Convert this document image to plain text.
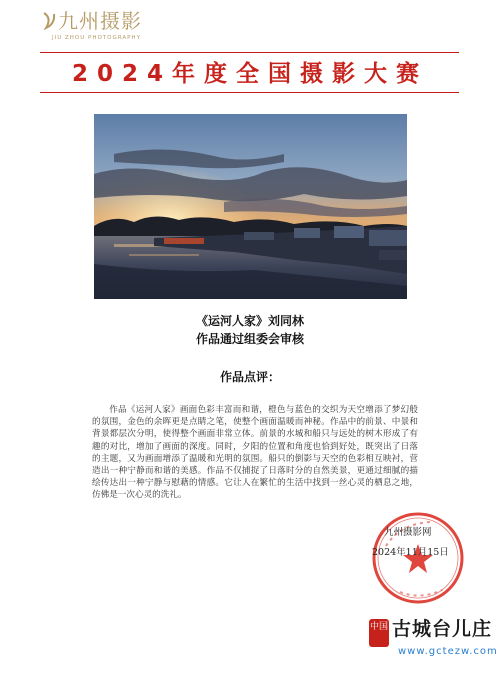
九州摄影
JIU ZHOU PHOTOGRAPHY
2024年度全国摄影大赛
《运河人家》刘同林
作品通过组委会审核
作品点评：

作品《运河人家》画面色彩丰富而和谐，橙色与蓝色的交织为天空增添了梦幻般的氛围，金色的余晖更是点睛之笔，使整个画面温暖而神秘。作品中的前景、中景和背景都层次分明，使得整个画面非常立体。前景的水城和船只与远处的树木形成了有趣的对比，增加了画面的深度。同时，夕阳的位置和角度也恰到好处，既突出了日落的主题，又为画面增添了温暖和光明的氛围。船只的倒影与天空的色彩相互映衬，营造出一种宁静而和谐的美感。作品不仅捕捉了日落时分的自然美景，更通过细腻的描绘传达出一种宁静与慰藉的情感。它让人在繁忙的生活中找到一丝心灵的栖息之地，仿佛是一次心灵的洗礼。

九州摄影网
2024年11月15日
中国 古城台儿庄
www.gctezw.com
